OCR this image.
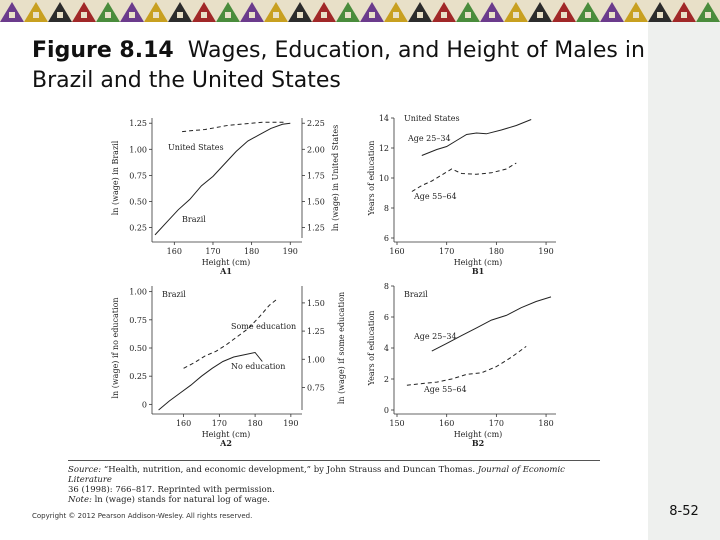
Figure 8.14 Wages, Education, and Height of Males in Brazil and the United States
0.25
0.50
0.75
1.00
1.25
ln (wage) in Brazil
1.25
1.50
1.75
2.00
2.25
ln (wage) in United States
160	170	180	190
Height (cm)
A1
United States
Brazil
6
8
10
12
14
Years of education
160	170	180	190
Height (cm)
B1
United States
Age 25–34
Age 55–64
0
0.25
0.50
0.75
1.00
ln (wage) if no education	0.75
1.00
1.25
1.50 ln (wage) if some education
160	170	180	190
Height (cm)
A2
Brazil
Some education
No education
0
2
4
6
8
Years of education
150	160	170	180
Height (cm)
B2
Brazil
Age 25–34
Age 55–64
Source: “Health, nutrition, and economic development,” by John Strauss and Duncan Thomas. Journal of Economic Literature
36 (1998): 766–817. Reprinted with permission.
Note: ln (wage) stands for natural log of wage.
Copyright © 2012 Pearson Addison-Wesley. All rights reserved.	8-52
